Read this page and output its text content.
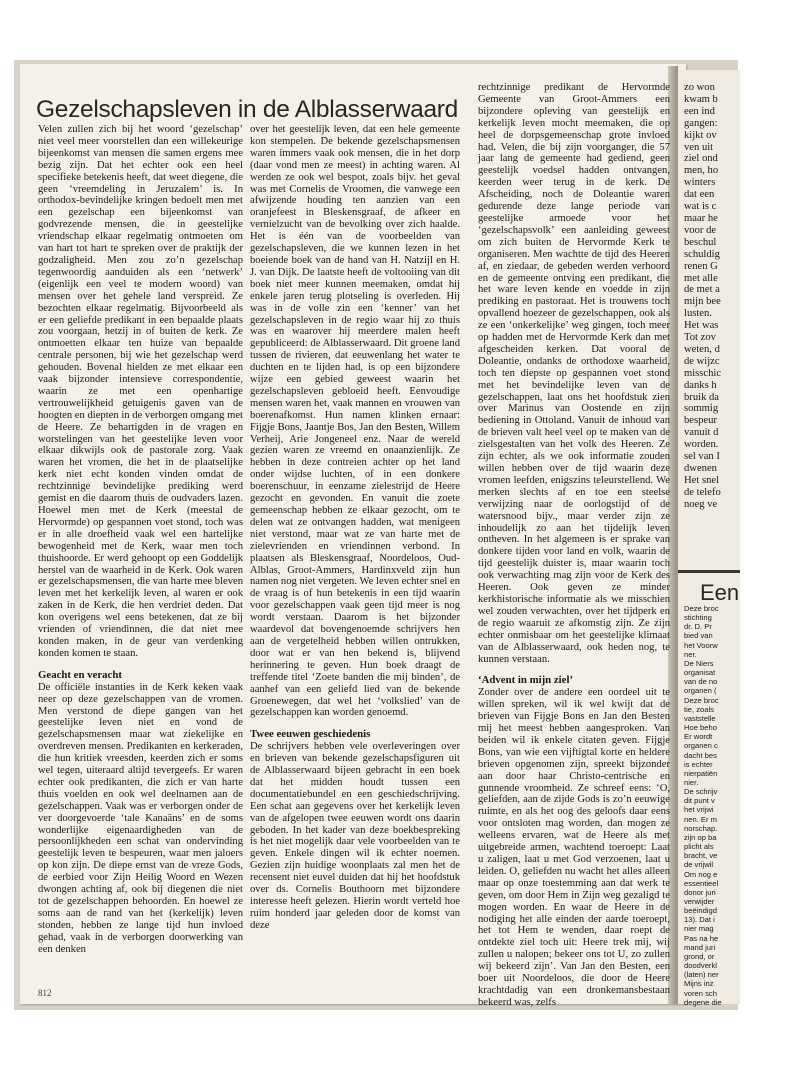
Gezelschapsleven in de Alblasserwaard

Velen zullen zich bij het woord ‘gezelschap’ niet veel meer voorstellen dan een willekeurige bijeenkomst van mensen die samen ergens mee bezig zijn. Dat het echter ook een heel specifieke betekenis heeft, dat weet diegene, die geen ‘vreemdeling in Jeruzalem’ is. In orthodox-bevindelijke kringen bedoelt men met een gezelschap een bijeenkomst van godvrezende mensen, die in geestelijke vriendschap elkaar regelmatig ontmoeten om van hart tot hart te spreken over de praktijk der godzaligheid. Men zou zo’n gezelschap tegenwoordig aanduiden als een ‘netwerk’ (eigenlijk een veel te modern woord) van mensen over het gehele land verspreid. Ze bezochten elkaar regelmatig. Bijvoorbeeld als er een geliefde predikant in een bepaalde plaats zou voorgaan, hetzij in of buiten de kerk. Ze ontmoetten elkaar ten huize van bepaalde centrale personen, bij wie het gezelschap werd gehouden. Bovenal hielden ze met elkaar een vaak bijzonder intensieve correspondentie, waarin ze met een openhartige vertrouwelijkheid getuigenis gaven van de hoogten en diepten in de verborgen omgang met de Heere. Ze behartigden in de vragen en worstelingen van het geestelijke leven voor elkaar dikwijls ook de pastorale zorg. Vaak waren het vromen, die het in de plaatselijke kerk niet echt konden vinden omdat de rechtzinnige bevindelijke prediking werd gemist en die daarom thuis de oudvaders lazen. Hoewel men met de Kerk (meestal de Hervormde) op gespannen voet stond, toch was er in alle droefheid vaak wel een hartelijke bewogenheid met de Kerk, waar men toch thuishoorde. Er werd gehoopt op een Goddelijk herstel van de waarheid in de Kerk. Ook waren er gezelschapsmensen, die van harte mee bleven leven met het kerkelijk leven, al waren er ook zaken in de Kerk, die hen verdriet deden. Dat kon overigens wel eens betekenen, dat ze bij vrienden of vriendinnen, die dat niet mee konden maken, in de geur van verdenking konden komen te staan.

Geacht en veracht

De officiële instanties in de Kerk keken vaak neer op deze gezelschappen van de vromen. Men verstond de diepe gangen van het geestelijke leven niet en vond de gezelschapsmensen maar wat ziekelijke en overdreven mensen. Predikanten en kerkeraden, die hun kritiek vreesden, keerden zich er soms wel tegen, uiteraard altijd tevergeefs. Er waren echter ook predikanten, die zich er van harte thuis voelden en ook wel deelnamen aan de gezelschappen. Vaak was er verborgen onder de ver doorgevoerde ‘tale Kanaäns’ en de soms wonderlijke eigenaardigheden van de persoonlijkheden een schat van ondervinding geestelijk leven te bespeuren, waar men jaloers op kon zijn. De diepe ernst van de vreze Gods, de eerbied voor Zijn Heilig Woord en Wezen dwongen achting af, ook bij diegenen die niet tot de gezelschappen behoorden. En hoewel ze soms aan de rand van het (kerkelijk) leven stonden, hebben ze lange tijd hun invloed gehad, vaak in de verborgen doorwerking van een denken

over het geestelijk leven, dat een hele gemeente kon stempelen. De bekende gezelschapsmensen waren immers vaak ook mensen, die in het dorp (daar vond men ze meest) in achting waren. Al werden ze ook wel bespot, zoals bijv. het geval was met Cornelis de Vroomen, die vanwege een afwijzende houding ten aanzien van een oranjefeest in Bleskensgraaf, de afkeer en vernielzucht van de bevolking over zich haalde. Het is één van de voorbeelden van gezelschapsleven, die we kunnen lezen in het boeiende boek van de hand van H. Natzijl en H. J. van Dijk. De laatste heeft de voltooiing van dit boek niet meer kunnen meemaken, omdat hij enkele jaren terug plotseling is overleden. Hij was in de volle zin een ‘kenner’ van het gezelschapsleven in de regio waar hij zo thuis was en waarover hij meerdere malen heeft gepubliceerd: de Alblasserwaard. Dit groene land tussen de rivieren, dat eeuwenlang het water te duchten en te lijden had, is op een bijzondere wijze een gebied geweest waarin het gezelschapsleven gebloeid heeft. Eenvoudige mensen waren het, vaak mannen en vrouwen van boerenafkomst. Hun namen klinken ernaar: Fijgje Bons, Jaantje Bos, Jan den Besten, Willem Verheij, Arie Jongeneel enz. Naar de wereld gezien waren ze vreemd en onaanzienlijk. Ze hebben in deze contreien achter op het land onder wijdse luchten, of in een donkere boerenschuur, in eenzame zielestrijd de Heere gezocht en gevonden. En vanuit die zoete gemeenschap hebben ze elkaar gezocht, om te delen wat ze ontvangen hadden, wat menigeen niet verstond, maar wat ze van harte met de zielevrienden en vriendinnen verbond. In plaatsen als Bleskensgraaf, Noordeloos, Oud-Alblas, Groot-Ammers, Hardinxveld zijn hun namen nog niet vergeten. We leven echter snel en de vraag is of hun betekenis in een tijd waarin voor gezelschappen vaak geen tijd meer is nog wordt verstaan. Daarom is het bijzonder waardevol dat bovengenoemde schrijvers hen aan de vergetelheid hebben willen ontrukken, door wat er van hen bekend is, blijvend herinnering te geven. Hun boek draagt de treffende titel ‘Zoete banden die mij binden’, de aanhef van een geliefd lied van de bekende Groenewegen, dat wel het ‘volkslied’ van de gezelschappen kan worden genoemd.

Twee eeuwen geschiedenis

De schrijvers hebben vele overleveringen over en brieven van bekende gezelschapsfiguren uit de Alblasserwaard bijeen gebracht in een boek dat het midden houdt tussen een documentatiebundel en een geschiedschrijving. Een schat aan gegevens over het kerkelijk leven van de afgelopen twee eeuwen wordt ons daarin geboden. In het kader van deze boekbespreking is het niet mogelijk daar vele voorbeelden van te geven. Enkele dingen wil ik echter noemen. Gezien zijn huidige woonplaats zal men het de recensent niet euvel duiden dat hij het hoofdstuk over ds. Cornelis Bouthoorn met bijzondere interesse heeft gelezen. Hierin wordt verteld hoe ruim honderd jaar geleden door de komst van deze

rechtzinnige predikant de Hervormde Gemeente van Groot-Ammers een bijzondere opleving van geestelijk en kerkelijk leven mocht meemaken, die op heel de dorpsgemeenschap grote invloed had. Velen, die bij zijn voorganger, die 57 jaar lang de gemeente had gediend, geen geestelijk voedsel hadden ontvangen, keerden weer terug in de kerk. De Afscheiding, noch de Doleantie waren gedurende deze lange periode van geestelijke armoede voor het ‘gezelschapsvolk’ een aanleiding geweest om zich buiten de Hervormde Kerk te organiseren. Men wachtte de tijd des Heeren af, en ziedaar, de gebeden werden verhoord en de gemeente ontving een predikant, die het ware leven kende en voedde in zijn prediking en pastoraat. Het is trouwens toch opvallend hoezeer de gezelschappen, ook als ze een ‘onkerkelijke’ weg gingen, toch meer op hadden met de Hervormde Kerk dan met afgescheiden kerken. Dat vooral de Doleantie, ondanks de orthodoxe waarheid, toch ten diepste op gespannen voet stond met het bevindelijke leven van de gezelschappen, laat ons het hoofdstuk zien over Marinus van Oostende en zijn bediening in Ottoland. Vanuit de inhoud van de brieven valt heel veel op te maken van de zielsgestalten van het volk des Heeren. Ze zijn echter, als we ook informatie zouden willen hebben over de tijd waarin deze vromen leefden, enigszins teleurstellend. We merken slechts af en toe een steelse verwijzing naar de oorlogstijd of de watersnood bijv., maar verder zijn ze inhoudelijk zo aan het tijdelijk leven ontheven. In het algemeen is er sprake van donkere tijden voor land en volk, waarin de tijd geestelijk duister is, maar waarin toch ook verwachting mag zijn voor de Kerk des Heeren. Ook geven ze minder kerkhistorische informatie als we misschien wel zouden verwachten, over het tijdperk en de regio waaruit ze afkomstig zijn. Ze zijn echter onmisbaar om het geestelijke klimaat van de Alblasserwaard, ook heden nog, te kunnen verstaan.

‘Advent in mijn ziel’

Zonder over de andere een oordeel uit te willen spreken, wil ik wel kwijt dat de brieven van Fijgje Bons en Jan den Besten mij het meest hebben aangesproken. Van beiden wil ik enkele citaten geven. Fijgje Bons, van wie een vijftigtal korte en heldere brieven opgenomen zijn, spreekt bijzonder aan door haar Christo-centrische en gunnende vroomheid. Ze schreef eens: ‘O, geliefden, aan de zijde Gods is zo’n eeuwige ruimte, en als het oog des geloofs daar eens voor ontsloten mag worden, dan mogen ze welleens ervaren, wat de Heere als met uitgebreide armen, wachtend toeroept: Laat u zaligen, laat u met God verzoenen, laat u leiden. O, geliefden nu wacht het alles alleen maar op onze toestemming aan dat werk te geven, om door Hem in Zijn weg gezaligd te mogen worden. En waar de Heere in de nodiging het alle einden der aarde toeroept, het tot Hem te wenden, daar roept de ontdekte ziel toch uit: Heere trek mij, wij zullen u nalopen; bekeer ons tot U, zo zullen wij bekeerd zijn’. Van Jan den Besten, een boer uit Noordeloos, die door de Heere krachtdadig van een dronkemansbestaan bekeerd was, zelfs

812

zo won

kwam b

een ind

gangen:

kijkt ov

ven uit

ziel ond

men, ho

winters

dat een

wat is c

maar he

voor de

beschul

schuldig

renen G

met alle

de met a

mijn bee

lusten.

Het was

Tot zov

weten, d

de wijzc

misschic

danks h

bruik da

sommig

bespeur

vanuit d

worden.

sel van I

dwenen

Het snel

de telefo

noeg ve

Een

Deze broc

stichting

dr. D. Pr

bied van

het Voorw

ner.

De Niers

organisat

van de no

organen (

Deze broc

tie, zoals

vaststelle

Hoe beho

Er wordt

organen c

dacht bes

is echter

nierpatiën

nier.

De schrijv

dit punt v

het vrijwi

nen. Er m

norschap.

zijn op ba

plicht als

bracht, ve

de vrijwil

Om nog e

essentieel

donor juri

verwijder

beëindigd

13). Dat i

nier mag

Pas na he

mand juri

grond, or

doodverkl

(laten) ner

Mijns inz

voren sch

degene die
